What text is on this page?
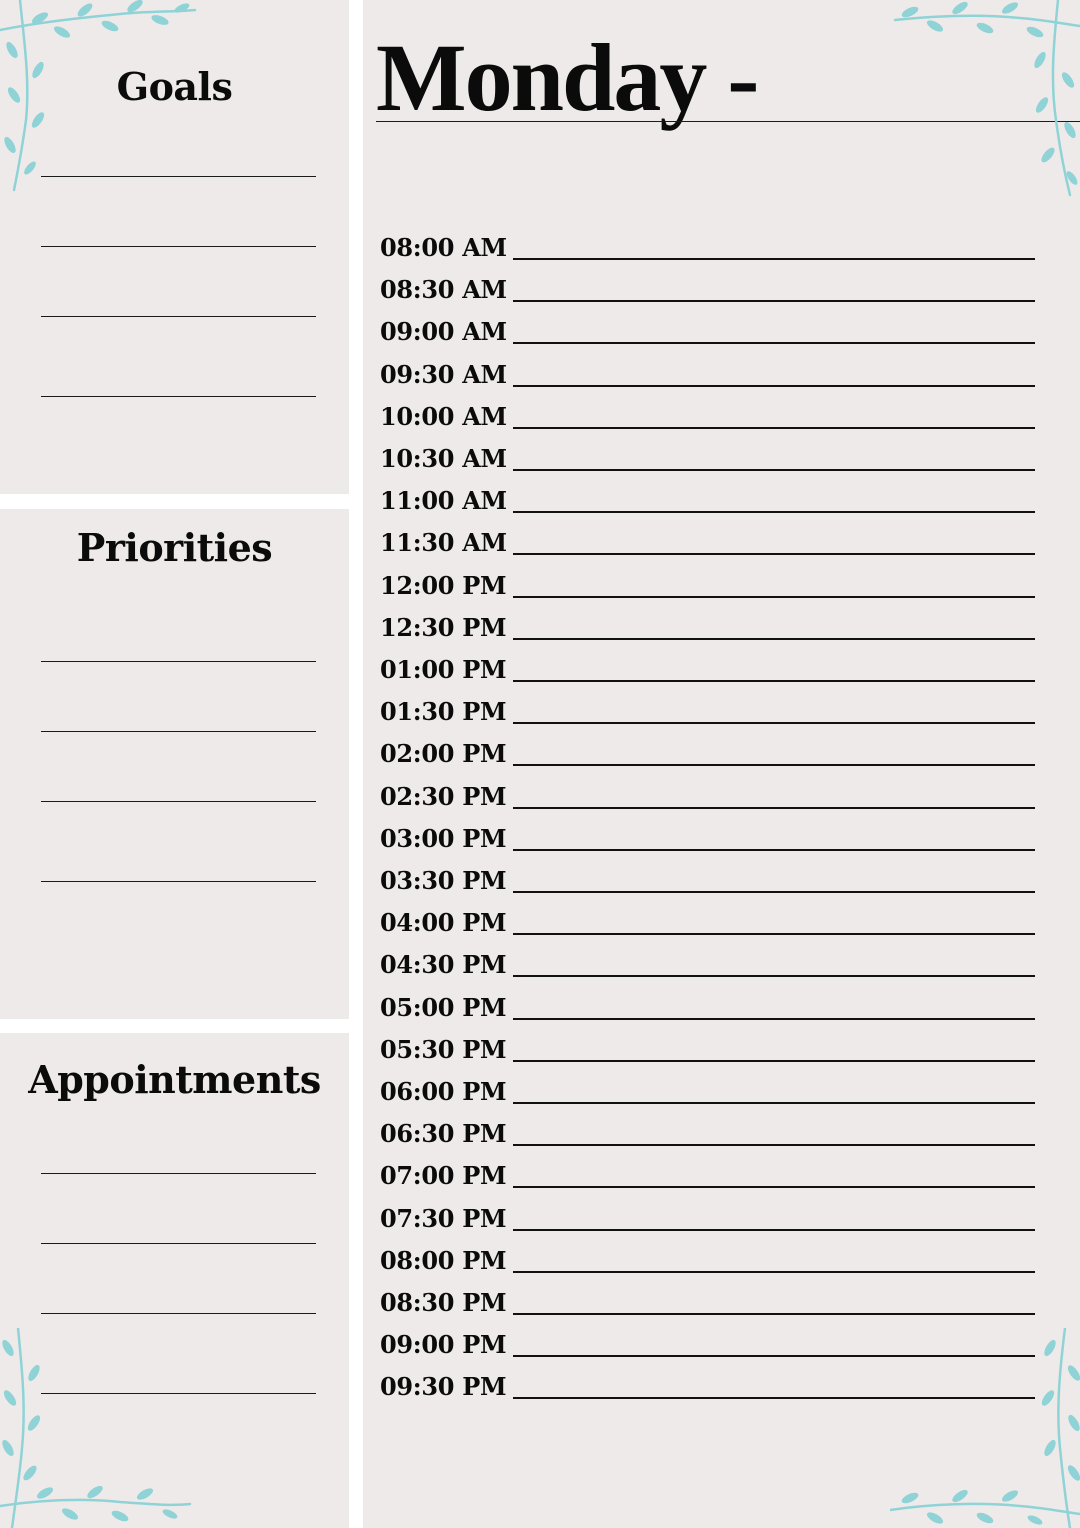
Goals
Priorities
Appointments
Monday -
08:00 AM
08:30 AM
09:00 AM
09:30 AM
10:00 AM
10:30 AM
11:00 AM
11:30 AM
12:00 PM
12:30 PM
01:00 PM
01:30 PM
02:00 PM
02:30 PM
03:00 PM
03:30 PM
04:00 PM
04:30 PM
05:00 PM
05:30 PM
06:00 PM
06:30 PM
07:00 PM
07:30 PM
08:00 PM
08:30 PM
09:00 PM
09:30 PM
